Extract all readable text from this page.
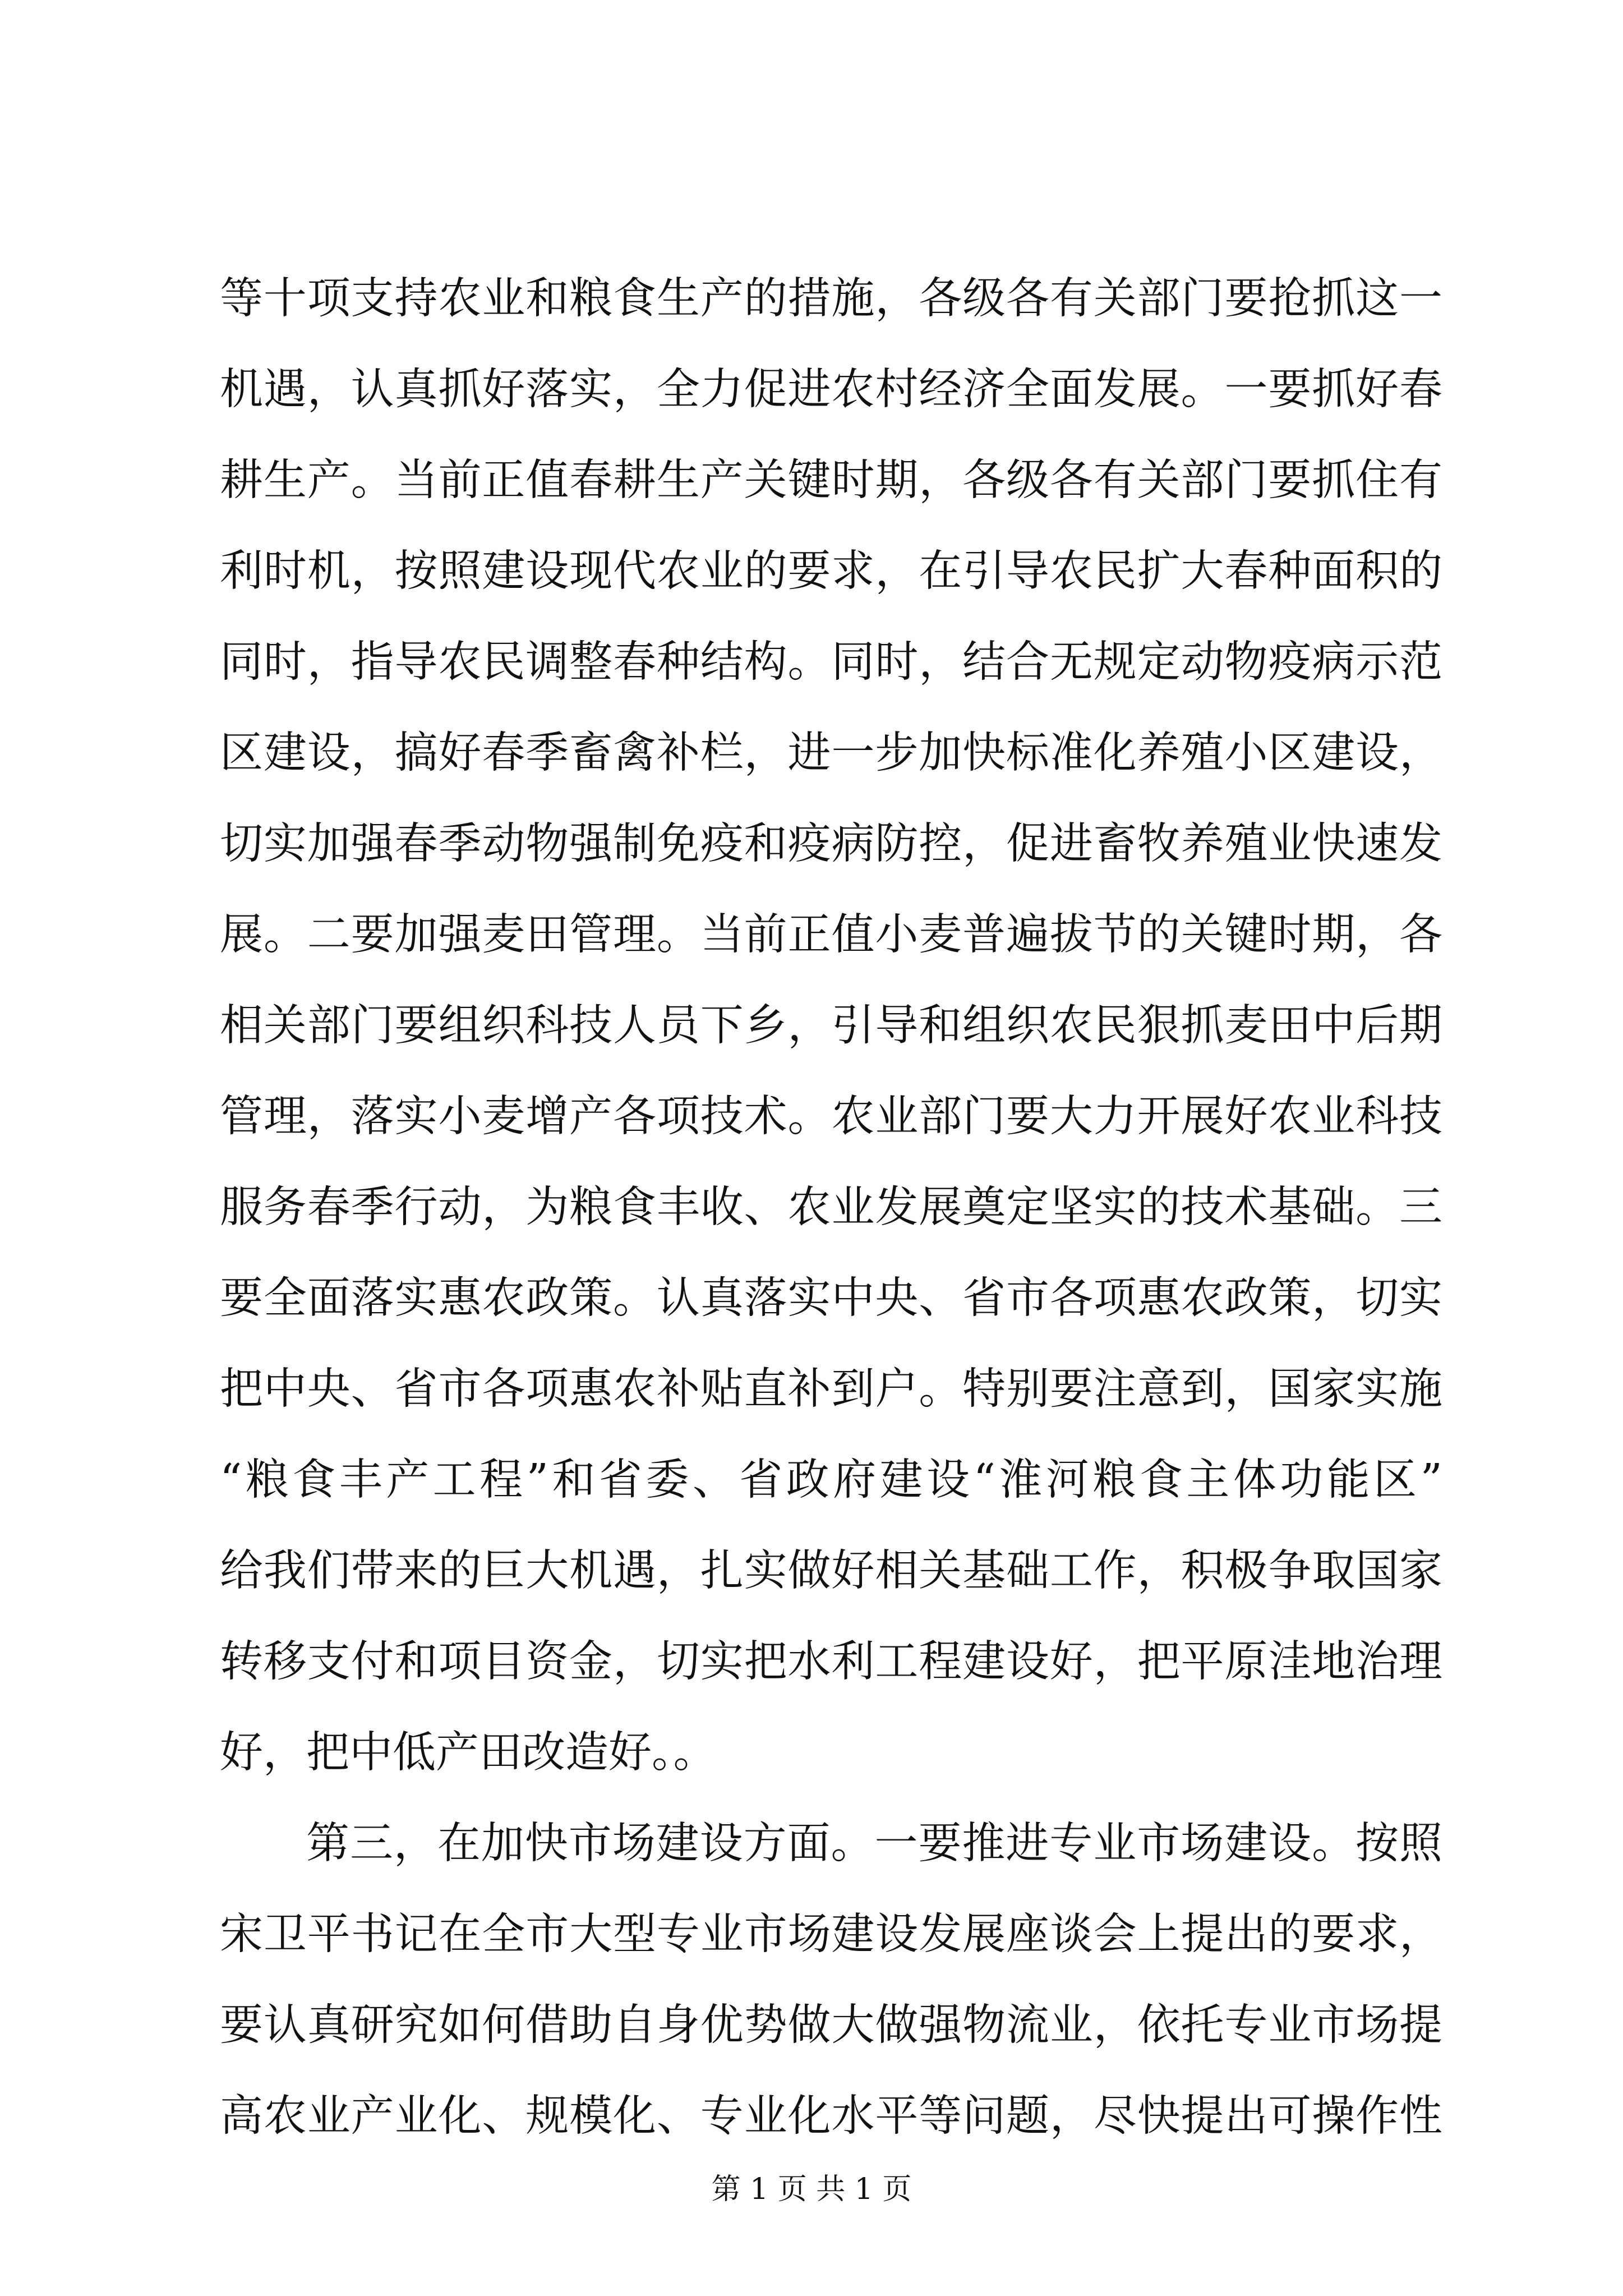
等十项支持农业和粮食生产的措施，各级各有关部门要抢抓这一
机遇，认真抓好落实，全力促进农村经济全面发展。一要抓好春
耕生产。当前正值春耕生产关键时期，各级各有关部门要抓住有
利时机，按照建设现代农业的要求，在引导农民扩大春种面积的
同时，指导农民调整春种结构。同时，结合无规定动物疫病示范
区建设，搞好春季畜禽补栏，进一步加快标准化养殖小区建设，
切实加强春季动物强制免疫和疫病防控，促进畜牧养殖业快速发
展。二要加强麦田管理。当前正值小麦普遍拔节的关键时期，各
相关部门要组织科技人员下乡，引导和组织农民狠抓麦田中后期
管理，落实小麦增产各项技术。农业部门要大力开展好农业科技
服务春季行动，为粮食丰收、农业发展奠定坚实的技术基础。三
要全面落实惠农政策。认真落实中央、省市各项惠农政策，切实
把中央、省市各项惠农补贴直补到户。特别要注意到，国家实施
“粮食丰产工程”和省委、省政府建设“淮河粮食主体功能区”
给我们带来的巨大机遇，扎实做好相关基础工作，积极争取国家
转移支付和项目资金，切实把水利工程建设好，把平原洼地治理
好，把中低产田改造好。。
第三，在加快市场建设方面。一要推进专业市场建设。按照
宋卫平书记在全市大型专业市场建设发展座谈会上提出的要求，
要认真研究如何借助自身优势做大做强物流业，依托专业市场提
高农业产业化、规模化、专业化水平等问题，尽快提出可操作性
第 1 页 共 1 页
